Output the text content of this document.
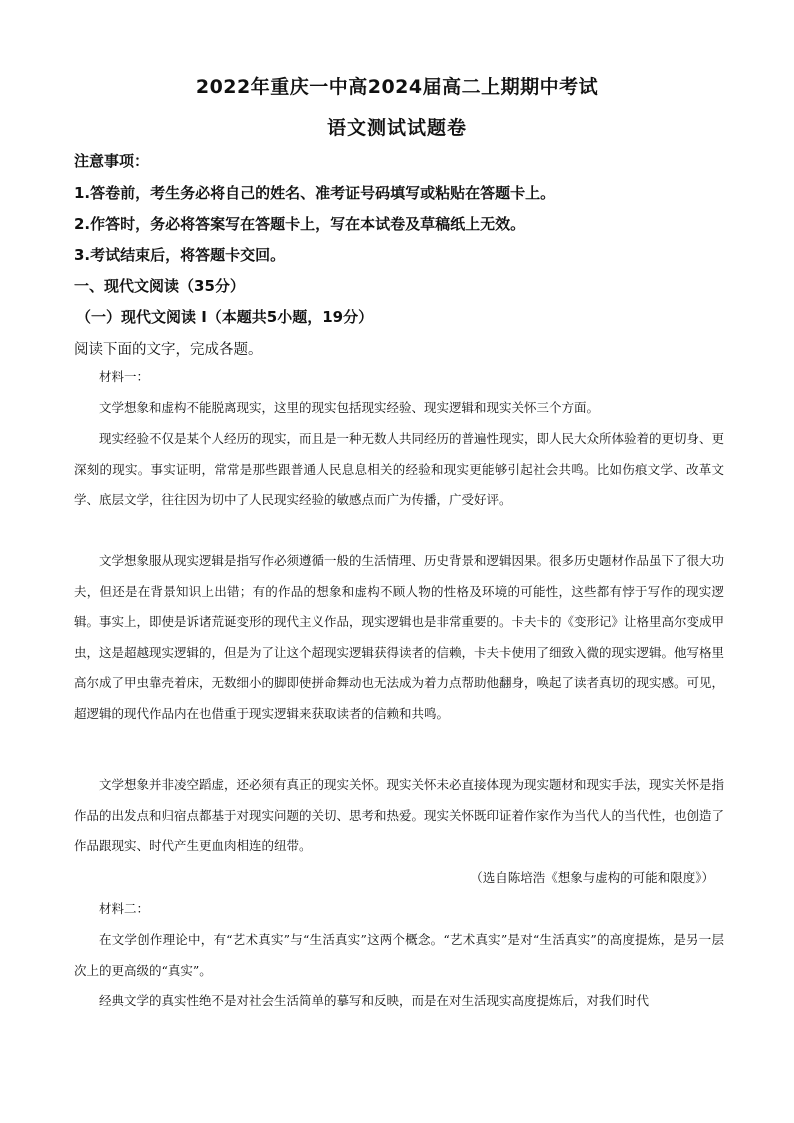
2022年重庆一中高2024届高二上期期中考试
语文测试试题卷
注意事项：
1.答卷前，考生务必将自己的姓名、准考证号码填写或粘贴在答题卡上。
2.作答时，务必将答案写在答题卡上，写在本试卷及草稿纸上无效。
3.考试结束后，将答题卡交回。
一、现代文阅读（35分）
（一）现代文阅读 I（本题共5小题，19分）
阅读下面的文字，完成各题。
材料一：
文学想象和虚构不能脱离现实，这里的现实包括现实经验、现实逻辑和现实关怀三个方面。
现实经验不仅是某个人经历的现实，而且是一种无数人共同经历的普遍性现实，即人民大众所体验着的更切身、更深刻的现实。事实证明，常常是那些跟普通人民息息相关的经验和现实更能够引起社会共鸣。比如伤痕文学、改革文学、底层文学，往往因为切中了人民现实经验的敏感点而广为传播，广受好评。
文学想象服从现实逻辑是指写作必须遵循一般的生活情理、历史背景和逻辑因果。很多历史题材作品虽下了很大功夫，但还是在背景知识上出错；有的作品的想象和虚构不顾人物的性格及环境的可能性，这些都有悖于写作的现实逻辑。事实上，即使是诉诸荒诞变形的现代主义作品，现实逻辑也是非常重要的。卡夫卡的《变形记》让格里高尔变成甲虫，这是超越现实逻辑的，但是为了让这个超现实逻辑获得读者的信赖，卡夫卡使用了细致入微的现实逻辑。他写格里高尔成了甲虫靠壳着床，无数细小的脚即使拼命舞动也无法成为着力点帮助他翻身，唤起了读者真切的现实感。可见，超逻辑的现代作品内在也借重于现实逻辑来获取读者的信赖和共鸣。
文学想象并非凌空蹈虚，还必须有真正的现实关怀。现实关怀未必直接体现为现实题材和现实手法，现实关怀是指作品的出发点和归宿点都基于对现实问题的关切、思考和热爱。现实关怀既印证着作家作为当代人的当代性，也创造了作品跟现实、时代产生更血肉相连的纽带。
（选自陈培浩《想象与虚构的可能和限度》）
材料二：
在文学创作理论中，有“艺术真实”与“生活真实”这两个概念。“艺术真实”是对“生活真实”的高度提炼，是另一层次上的更高级的“真实”。
经典文学的真实性绝不是对社会生活简单的摹写和反映，而是在对生活现实高度提炼后，对我们时代
